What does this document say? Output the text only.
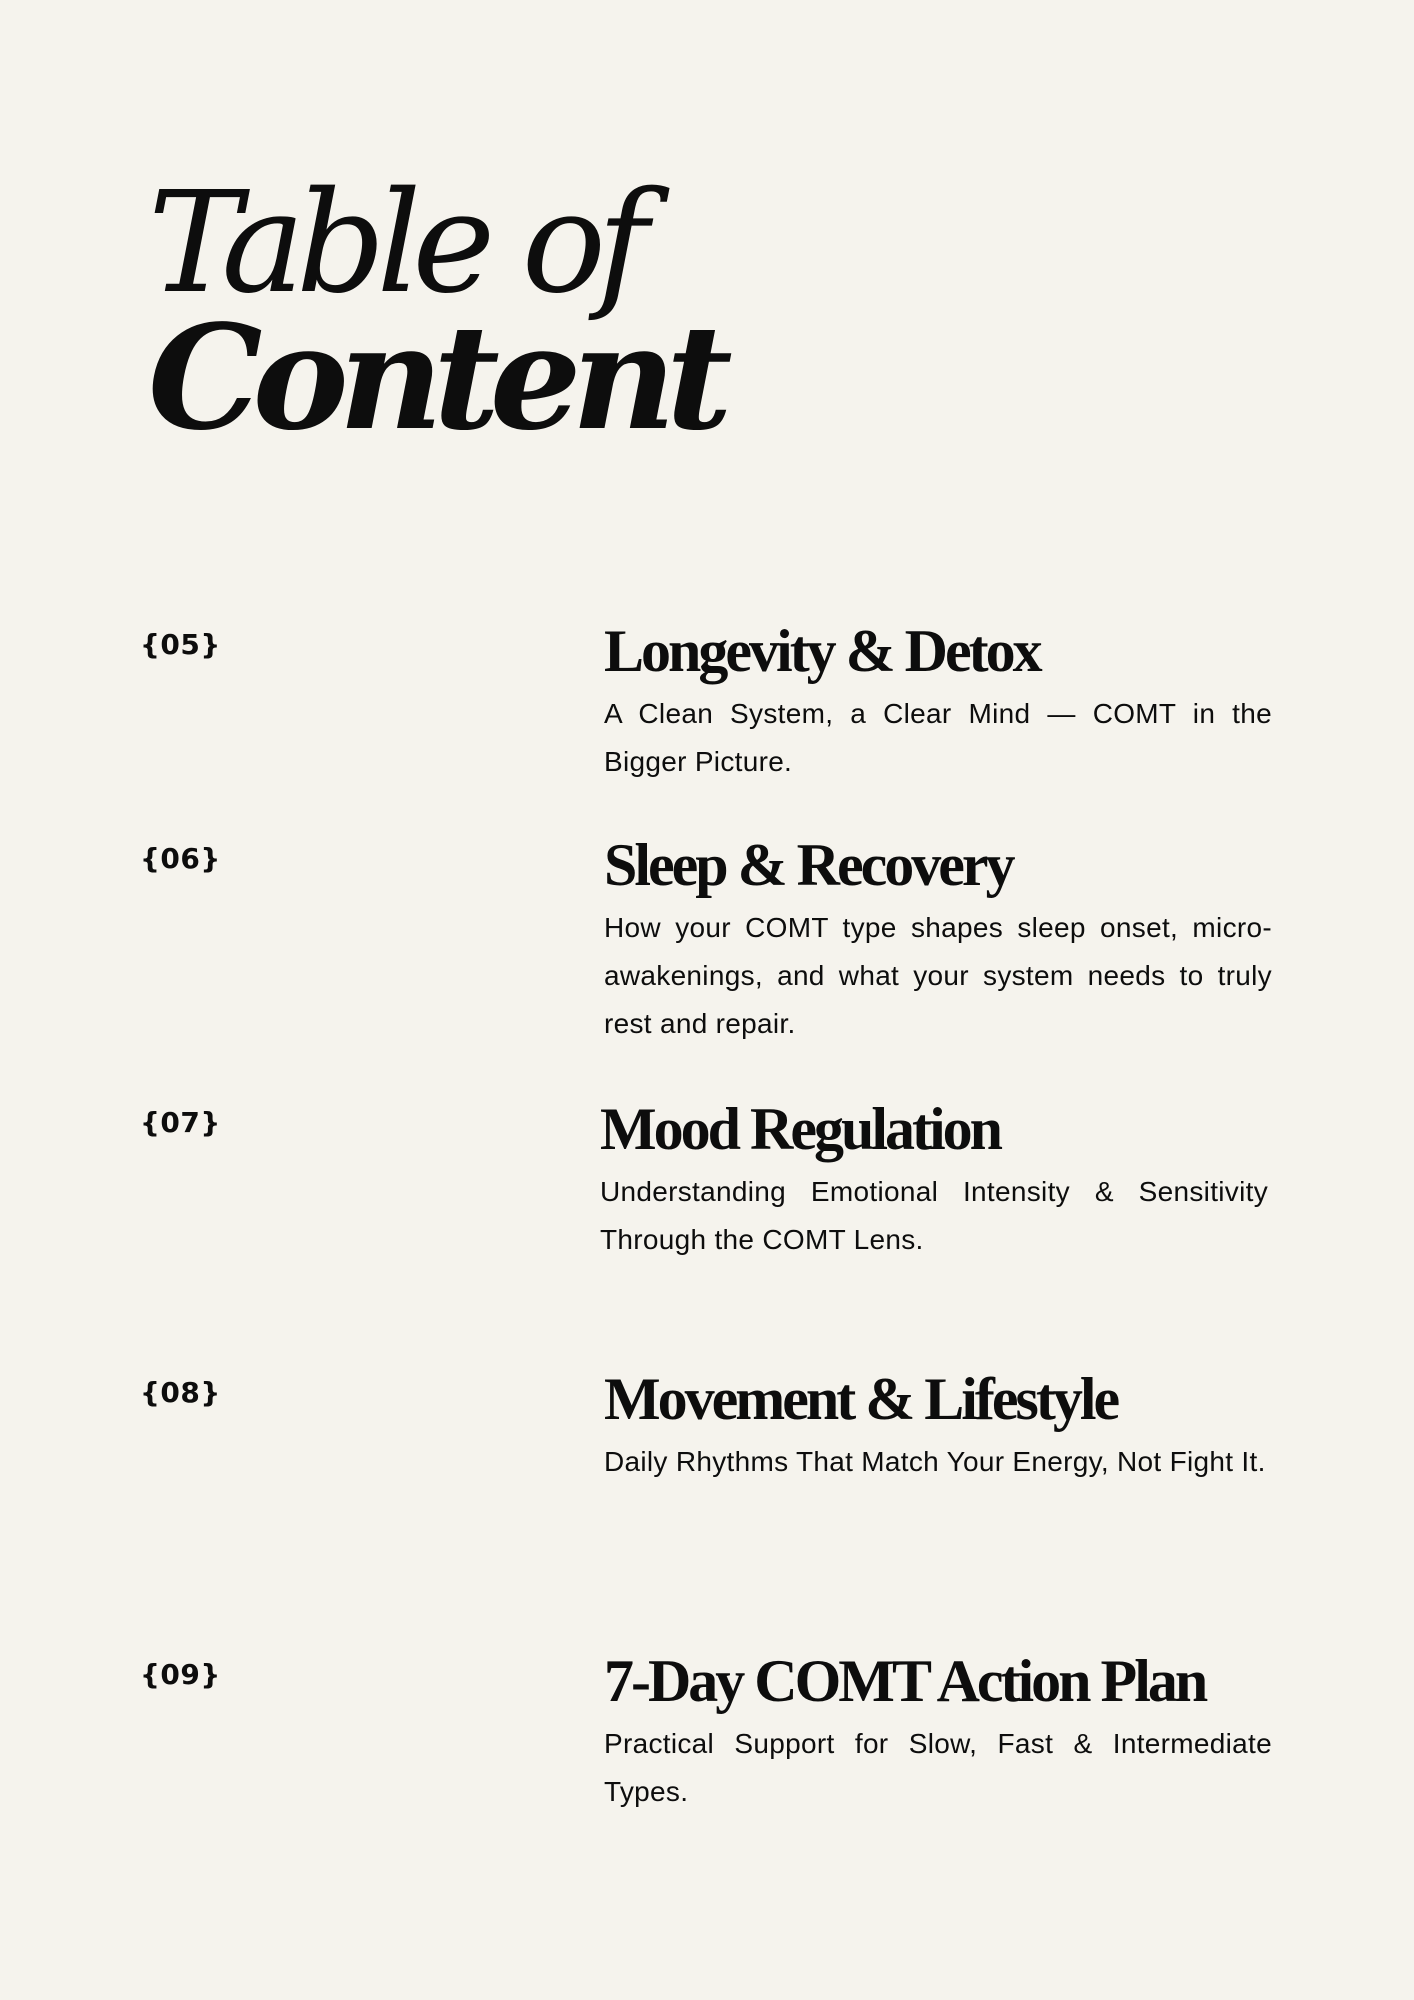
Table of
Content
{05}	Longevity & Detox

A Clean System, a Clear Mind — COMT in the Bigger Picture.

{06}	Sleep & Recovery

How your COMT type shapes sleep onset, micro-awakenings, and what your system needs to truly rest and repair.

{07}	Mood Regulation

Understanding Emotional Intensity & Sensitivity Through the COMT Lens.

{08}	Movement & Lifestyle

Daily Rhythms That Match Your Energy, Not Fight It.

{09}	7-Day COMT Action Plan

Practical Support for Slow, Fast & Intermediate Types.
